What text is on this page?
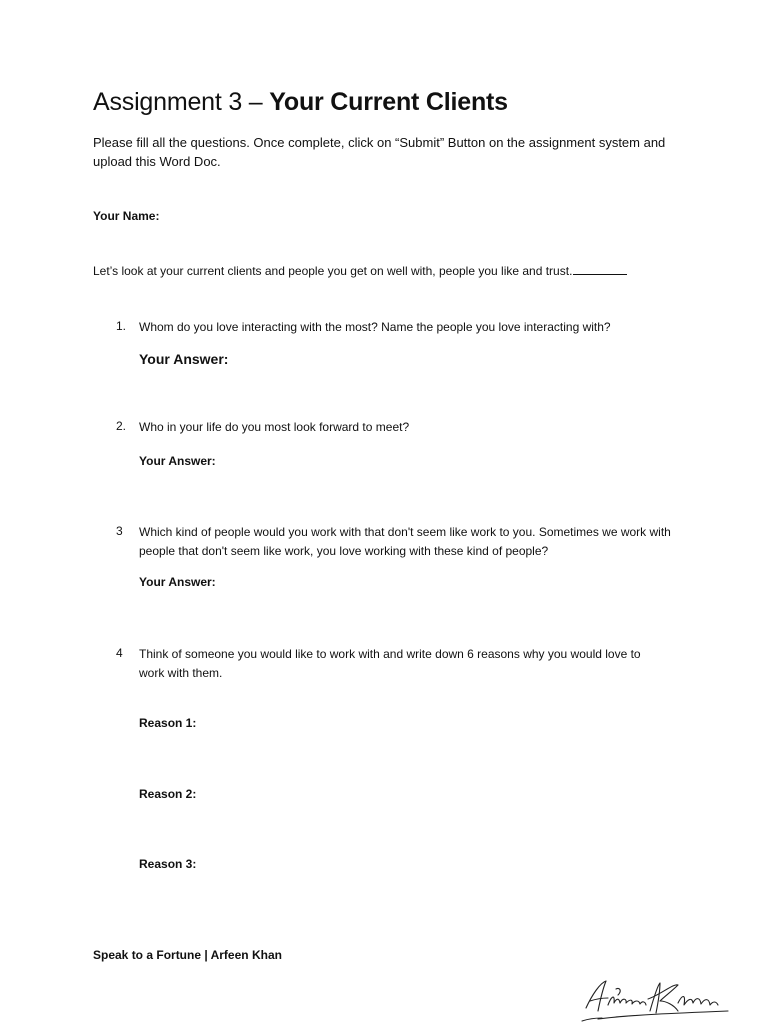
Assignment 3 – Your Current Clients
Please fill all the questions. Once complete, click on “Submit” Button on the assignment system and upload this Word Doc.
Your Name:
Let’s look at your current clients and people you get on well with, people you like and trust.
1. Whom do you love interacting with the most? Name the people you love interacting with?
Your Answer:
2. Who in your life do you most look forward to meet?
Your Answer:
3 Which kind of people would you work with that don't seem like work to you. Sometimes we work with people that don't seem like work, you love working with these kind of people?
Your Answer:
4 Think of someone you would like to work with and write down 6 reasons why you would love to work with them.
Reason 1:
Reason 2:
Reason 3:
Speak to a Fortune | Arfeen Khan
